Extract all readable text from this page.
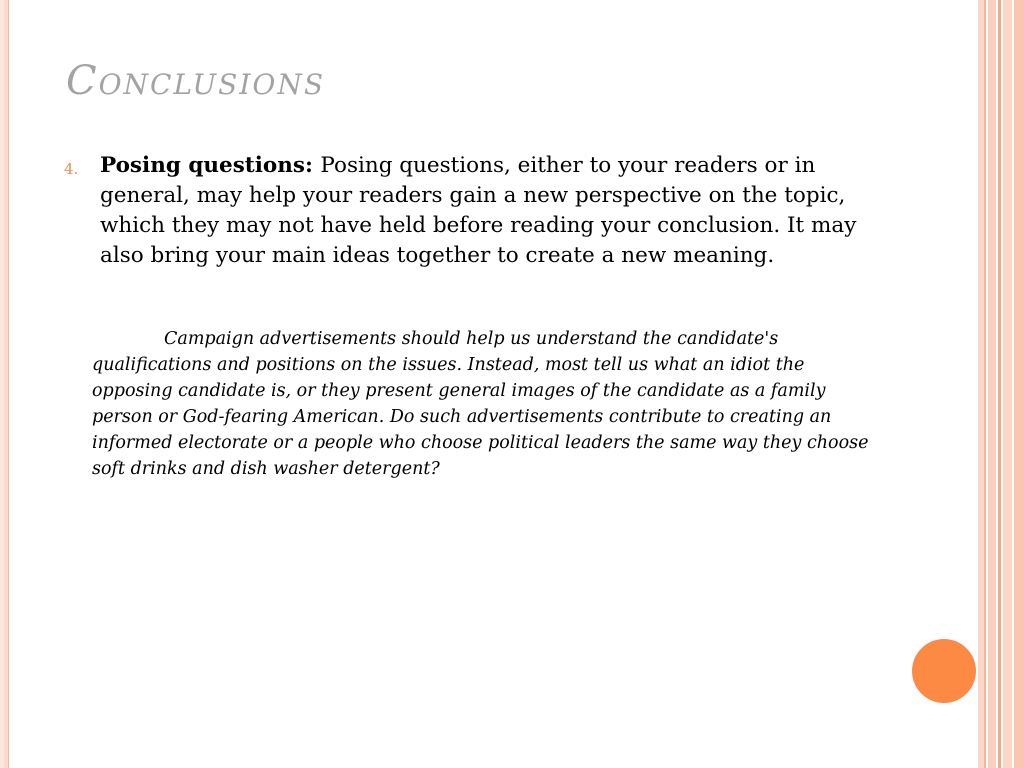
Conclusions
4.	Posing questions: Posing questions, either to your readers or in general, may help your readers gain a new perspective on the topic, which they may not have held before reading your conclusion. It may also bring your main ideas together to create a new meaning.

Campaign advertisements should help us understand the candidate's qualifications and positions on the issues. Instead, most tell us what an idiot the opposing candidate is, or they present general images of the candidate as a family person or God-fearing American. Do such advertisements contribute to creating an informed electorate or a people who choose political leaders the same way they choose soft drinks and dish washer detergent?
